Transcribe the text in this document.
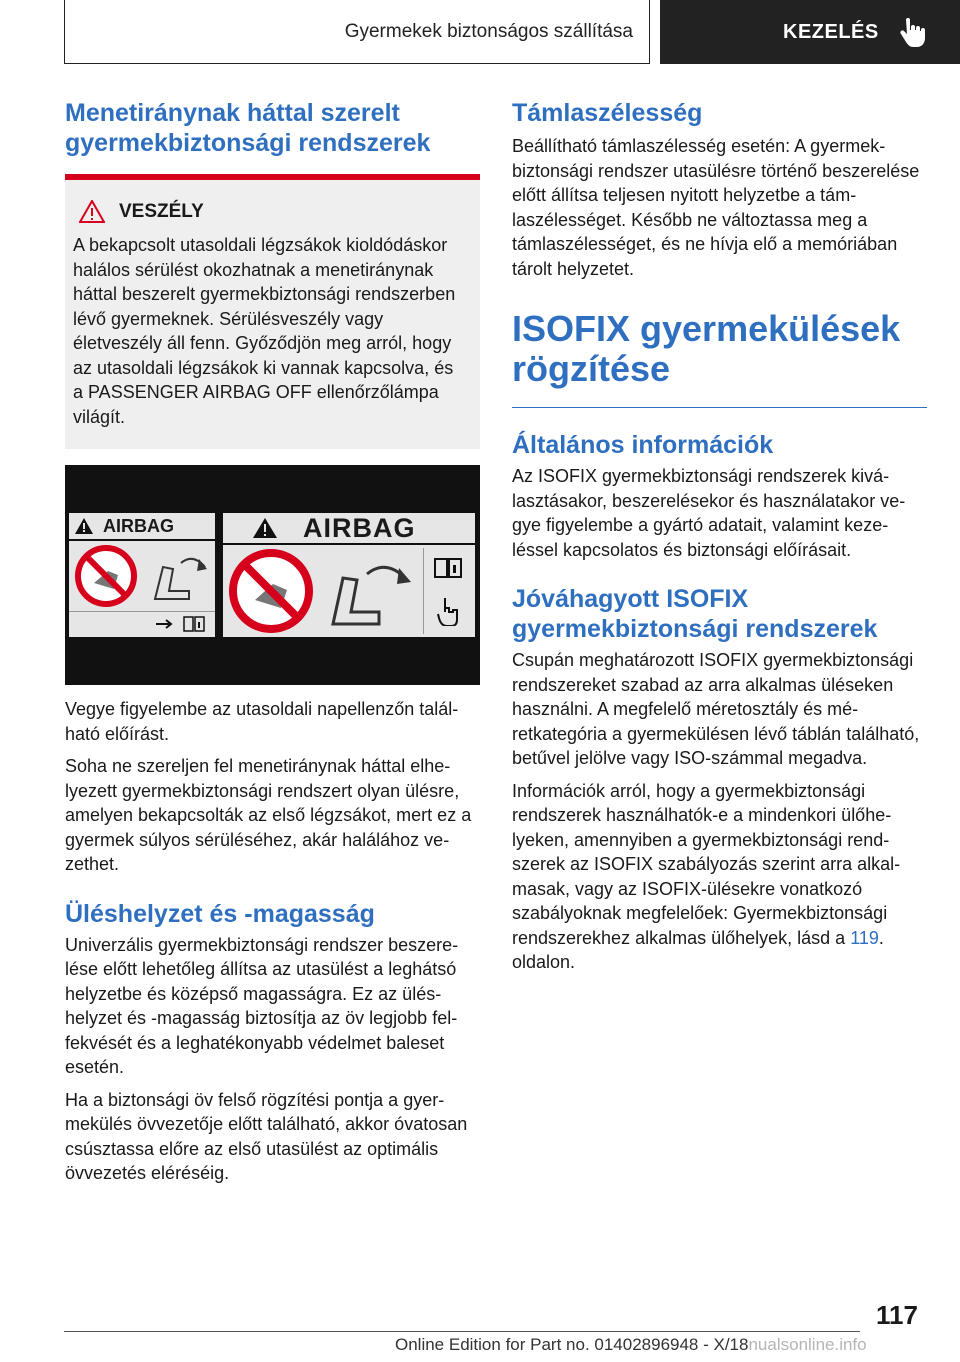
Gyermekek biztonságos szállítása	KEZELÉS
Menetiránynak háttal szerelt gyermekbiztonsági rendszerek
VESZÉLY

A bekapcsolt utasoldali légzsákok kioldódáskor halálos sérülést okozhatnak a menetiránynak háttal beszerelt gyermekbiztonsági rendszerben lévő gyermeknek. Sérülésveszély vagy életveszély áll fenn. Győződjön meg arról, hogy az utasoldali légzsákok ki vannak kapcsolva, és a PASSENGER AIRBAG OFF ellenőrzőlámpa világít.

AIRBAG	AIRBAG

Vegye figyelembe az utasoldali napellenzőn található előírást.

Soha ne szereljen fel menetiránynak háttal elhelyezett gyermekbiztonsági rendszert olyan ülésre, amelyen bekapcsolták az első légzsákot, mert ez a gyermek súlyos sérüléséhez, akár halálához vezethet.

Üléshelyzet és -magasság

Univerzális gyermekbiztonsági rendszer beszerelése előtt lehetőleg állítsa az utasülést a leghátsó helyzetbe és középső magasságra. Ez az üléshelyzet és -magasság biztosítja az öv legjobb felfekvését és a leghatékonyabb védelmet baleset esetén.

Ha a biztonsági öv felső rögzítési pontja a gyermekülés övvezetője előtt található, akkor óvatosan csúsztassa előre az első utasülést az optimális övvezetés eléréséig.

Támlaszélesség

Beállítható támlaszélesség esetén: A gyermekbiztonsági rendszer utasülésre történő beszerelése előtt állítsa teljesen nyitott helyzetbe a támlaszélességet. Később ne változtassa meg a támlaszélességet, és ne hívja elő a memóriában tárolt helyzetet.

ISOFIX gyermekülések rögzítése
Általános információk

Az ISOFIX gyermekbiztonsági rendszerek kiválasztásakor, beszerelésekor és használatakor vegye figyelembe a gyártó adatait, valamint kezeléssel kapcsolatos és biztonsági előírásait.

Jóváhagyott ISOFIX gyermekbiztonsági rendszerek

Csupán meghatározott ISOFIX gyermekbiztonsági rendszereket szabad az arra alkalmas üléseken használni. A megfelelő méretosztály és méretkategória a gyermekülésen lévő táblán található, betűvel jelölve vagy ISO-számmal megadva.

Információk arról, hogy a gyermekbiztonsági rendszerek használhatók-e a mindenkori ülőhelyeken, amennyiben a gyermekbiztonsági rendszerek az ISOFIX szabályozás szerint arra alkalmasak, vagy az ISOFIX-ülésekre vonatkozó szabályoknak megfelelőek: Gyermekbiztonsági rendszerekhez alkalmas ülőhelyek, lásd a 119. oldalon.

117
Online Edition for Part no. 01402896948 - X/18nualsonline.info
